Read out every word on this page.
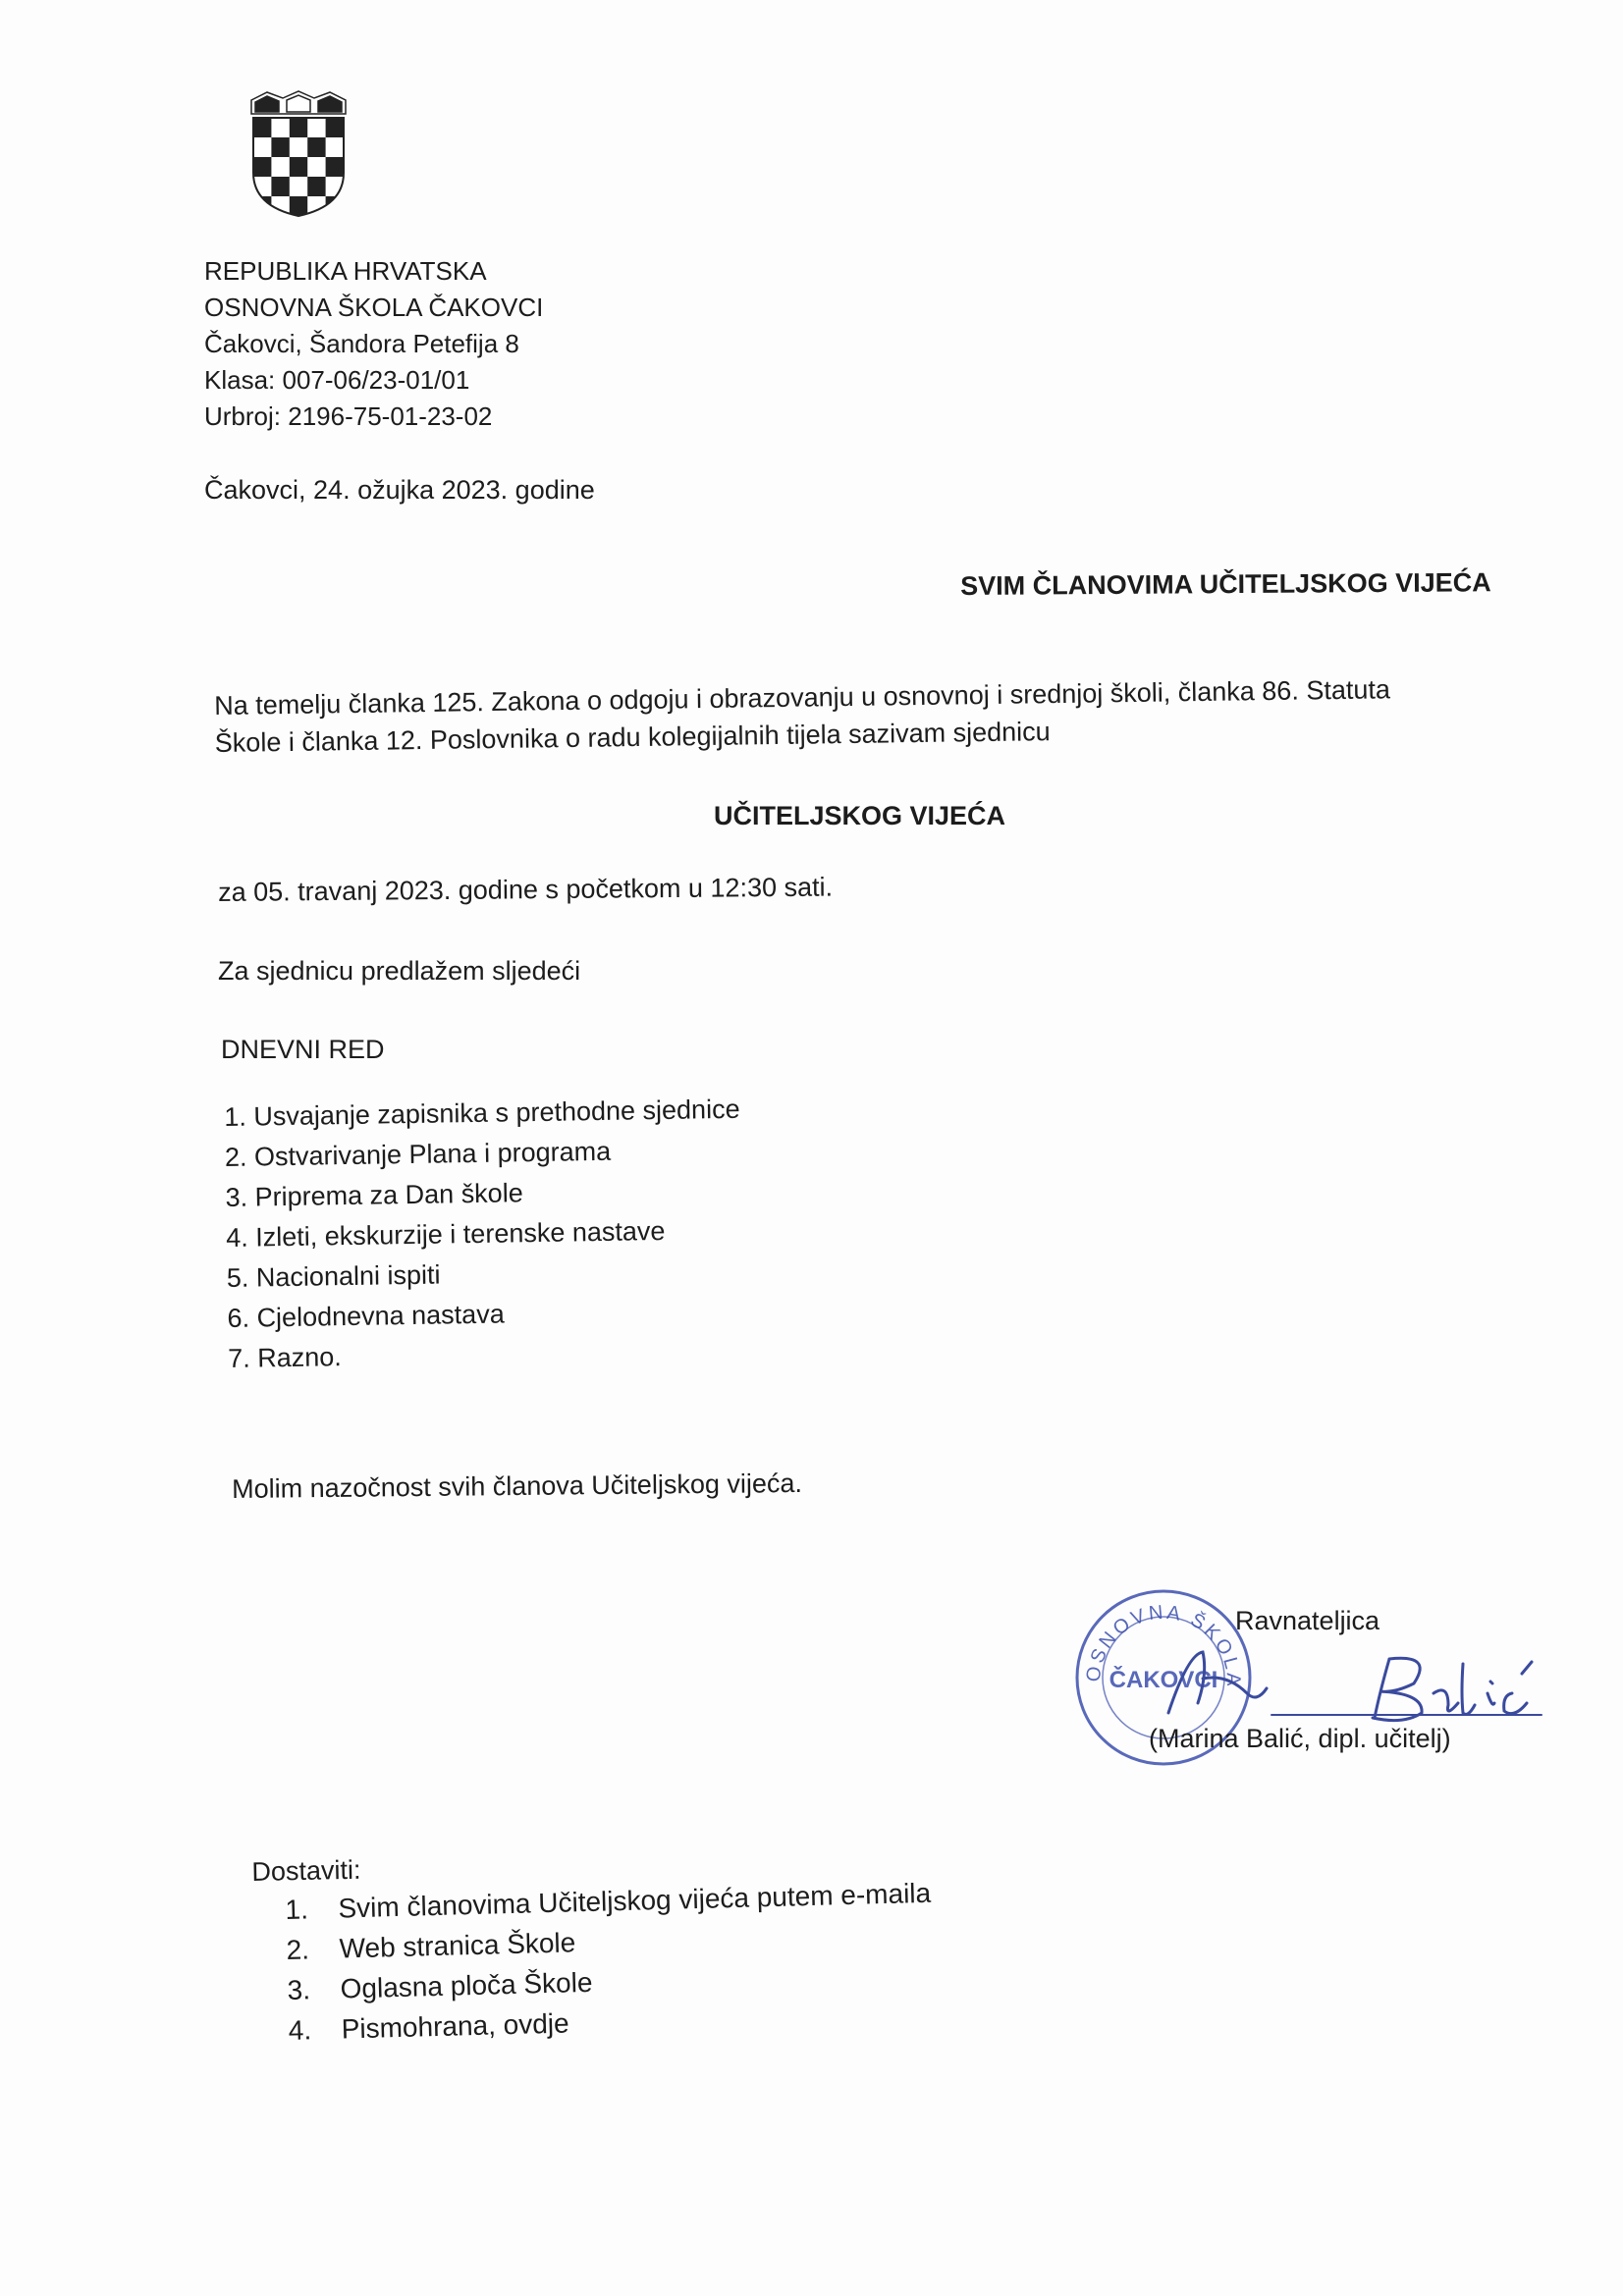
REPUBLIKA HRVATSKA
OSNOVNA ŠKOLA ČAKOVCI
Čakovci, Šandora Petefija 8
Klasa: 007-06/23-01/01
Urbroj: 2196-75-01-23-02
Čakovci, 24. ožujka 2023. godine
SVIM ČLANOVIMA UČITELJSKOG VIJEĆA
Na temelju članka 125. Zakona o odgoju i obrazovanju u osnovnoj i srednjoj školi, članka 86. Statuta
Škole i članka 12. Poslovnika o radu kolegijalnih tijela sazivam sjednicu
UČITELJSKOG VIJEĆA
za 05. travanj 2023. godine s početkom u 12:30 sati.
Za sjednicu predlažem sljedeći
DNEVNI RED
1. Usvajanje zapisnika s prethodne sjednice
2. Ostvarivanje Plana i programa
3. Priprema za Dan škole
4. Izleti, ekskurzije i terenske nastave
5. Nacionalni ispiti
6. Cjelodnevna nastava
7. Razno.
Molim nazočnost svih članova Učiteljskog vijeća.
OSNOVNA ŠKOLA
ČAKOVCI
Ravnateljica
(Marina Balić, dipl. učitelj)
Dostaviti:
1. Svim članovima Učiteljskog vijeća putem e-maila
2. Web stranica Škole
3. Oglasna ploča Škole
4. Pismohrana, ovdje
